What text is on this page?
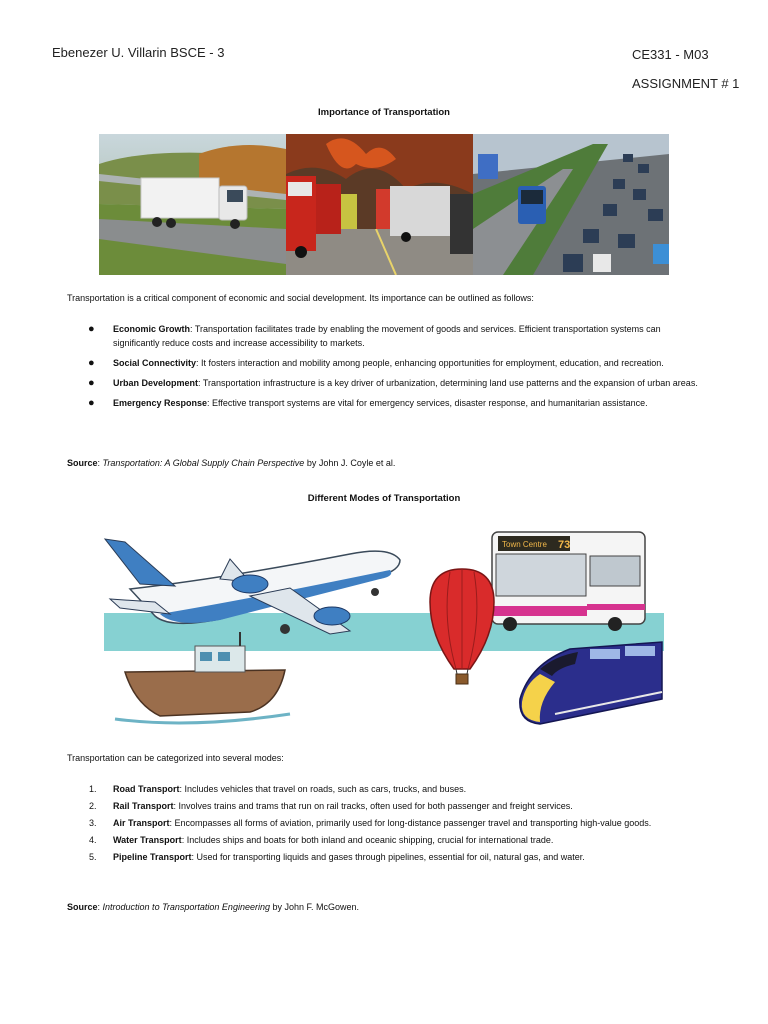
Ebenezer U. Villarin BSCE - 3	CE331 - M03
ASSIGNMENT # 1
Importance of Transportation
Transportation is a critical component of economic and social development. Its importance can be outlined as follows:
● Economic Growth: Transportation facilitates trade by enabling the movement of goods and services. Efficient transportation systems can significantly reduce costs and increase accessibility to markets.
● Social Connectivity: It fosters interaction and mobility among people, enhancing opportunities for employment, education, and recreation.
● Urban Development: Transportation infrastructure is a key driver of urbanization, determining land use patterns and the expansion of urban areas.
● Emergency Response: Effective transport systems are vital for emergency services, disaster response, and humanitarian assistance.
Source: Transportation: A Global Supply Chain Perspective by John J. Coyle et al.
Different Modes of Transportation
Town Centre 73
Transportation can be categorized into several modes:
1. Road Transport: Includes vehicles that travel on roads, such as cars, trucks, and buses.
2. Rail Transport: Involves trains and trams that run on rail tracks, often used for both passenger and freight services.
3. Air Transport: Encompasses all forms of aviation, primarily used for long-distance passenger travel and transporting high-value goods.
4. Water Transport: Includes ships and boats for both inland and oceanic shipping, crucial for international trade.
5. Pipeline Transport: Used for transporting liquids and gases through pipelines, essential for oil, natural gas, and water.
Source: Introduction to Transportation Engineering by John F. McGowen.
